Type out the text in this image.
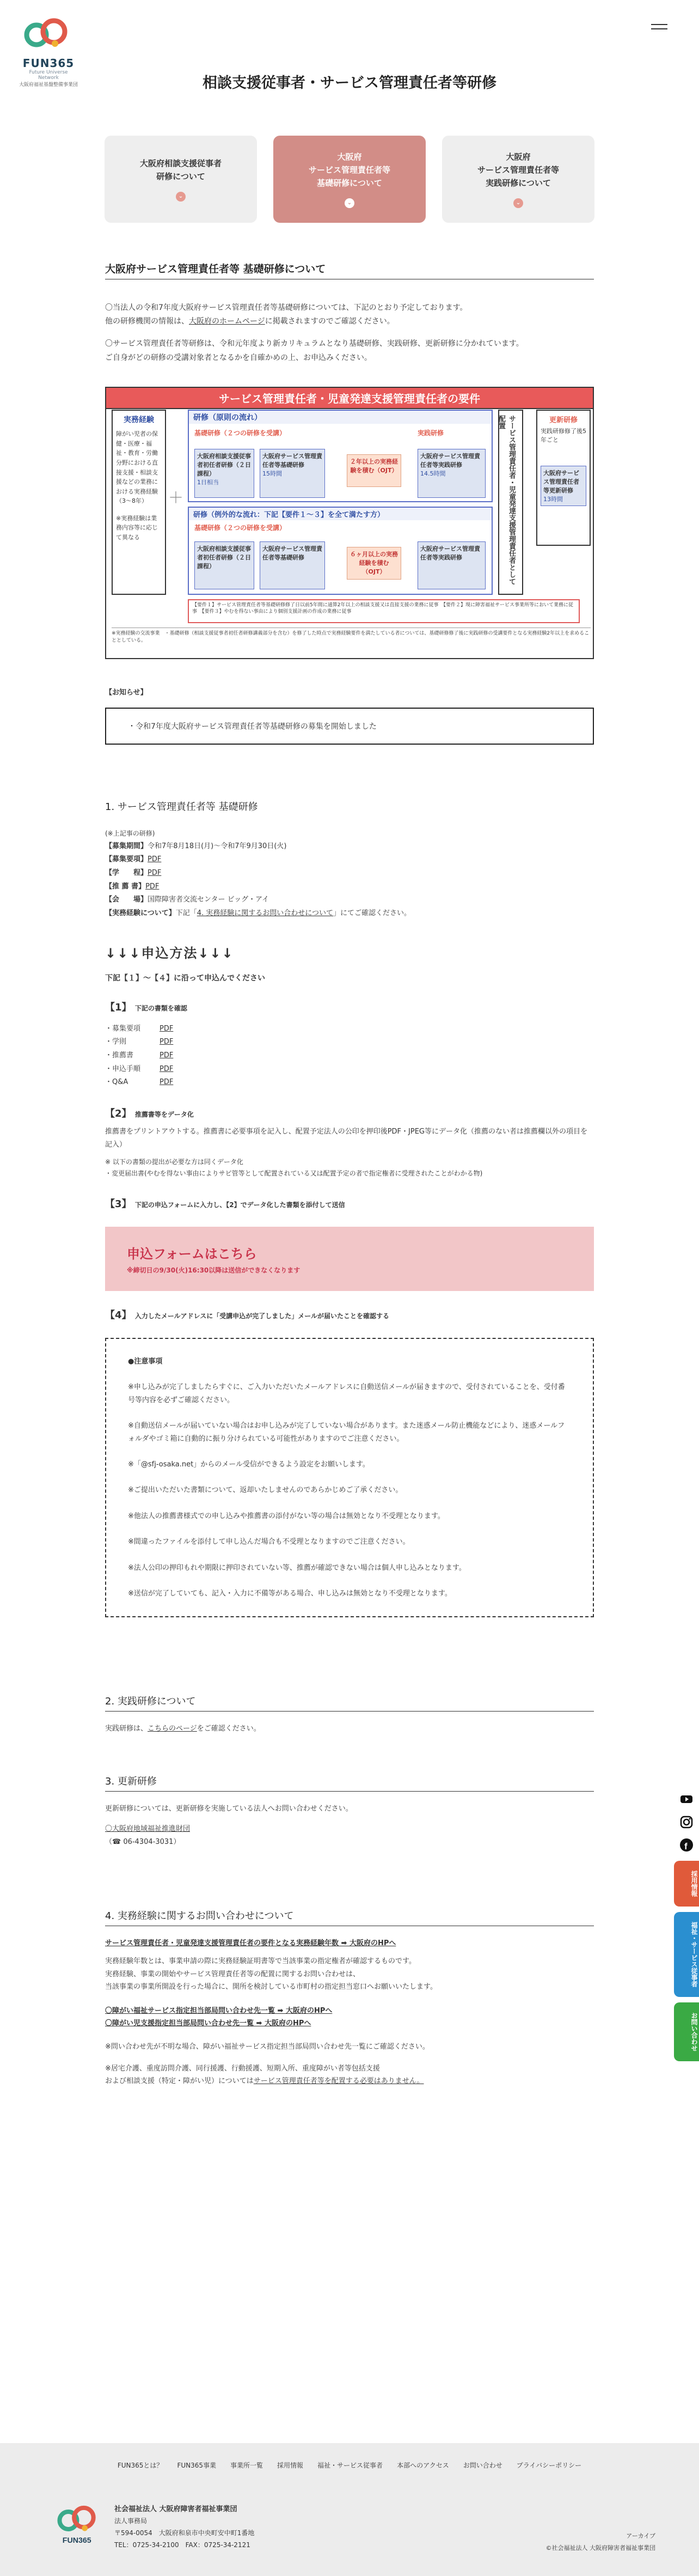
FUN365
Future Universe Network
大阪府福祉基盤整備事業団	相談支援従事者・サービス管理責任者等研修
大阪府相談支援従事者
研修について
⌄
大阪府
サービス管理責任者等
基礎研修について
⌄
大阪府
サービス管理責任者等
実践研修について
⌄
大阪府サービス管理責任者等 基礎研修について

〇当法人の令和7年度大阪府サービス管理責任者等基礎研修については、下記のとおり予定しております。

他の研修機関の情報は、大阪府のホームページに掲載されますのでご確認ください。

〇サービス管理責任者等研修は、令和元年度より新カリキュラムとなり基礎研修、実践研修、更新研修に分かれています。

ご自身がどの研修の受講対象者となるかを自確かめの上、お申込みください。

サービス管理責任者・児童発達支援管理責任者の要件
実務経験
障がい児者の保健・医療・福祉・教育・労働分野における直接支援・相談支援などの業務における実務経験（3～8年）
※実務経験は業務内容等に応じて異なる
＋
研修（原則の流れ）
基礎研修（２つの研修を受講）
大阪府相談支援従事者初任者研修（２日課程）
1日相当
大阪府サービス管理責任者等基礎研修
15時間
２年以上の実務経験を積む（OJT）
実践研修
大阪府サービス管理責任者等実践研修
14.5時間
研修（例外的な流れ：下記【要件１～３】を全て満たす方）
基礎研修（２つの研修を受講）
大阪府相談支援従事者初任者研修（２日課程）
大阪府サービス管理責任者等基礎研修	６ヶ月以上の実務経験を積む（OJT）
大阪府サービス管理責任者等実践研修	サービス管理責任者・児童発達支援管理責任者として配置	更新研修
実践研修修了後5年ごと
大阪府サービス管理責任者等更新研修
13時間
【要件１】サービス管理責任者等基礎研修修了日以前5年間に通算2年以上の相談支援又は直接支援の業務に従事　【要件２】現に障害福祉サービス事業所等において業務に従事　【要件３】やむを得ない事由により個別支援計画の作成の業務に従事
※実務経験の交流事業　・基礎研修（相談支援従事者初任者研修講義部分を含む）を修了した時点で実務経験要件を満たしている者については、基礎研修修了後に実践研修の受講要件となる実務経験2年以上を求めることとしている。
【お知らせ】
・令和7年度大阪府サービス管理責任者等基礎研修の募集を開始しました
1. サービス管理責任者等 基礎研修
(※上記事の研修)
【募集期間】令和7年8月18日(月)～令和7年9月30日(火)
【募集要項】PDF
【学　　程】PDF
【推 薦 書】PDF
【会　　場】国際障害者交流センター ビッグ・アイ
【実務経験について】下記「4. 実務経験に関するお問い合わせについて」にてご確認ください。
↓↓↓申込方法↓↓↓
下記【１】～【４】に沿って申込んでください
【1】 下記の書類を確認
・募集要項	PDF
・学則	PDF
・推薦書	PDF
・申込手順	PDF
・Q&A	PDF
【2】 推薦書等をデータ化

推薦書をプリントアウトする。推薦書に必要事項を記入し、配置予定法人の公印を押印後PDF・JPEG等にデータ化（推薦のない者は推薦欄以外の項目を記入）

※ 以下の書類の提出が必要な方は同くデータ化

・変更届出書(やむを得ない事由によりサビ管等として配置されている又は配置予定の者で指定権者に受理されたことがわかる物)

【3】 下記の申込フォームに入力し、【2】でデータ化した書類を添付して送信
申込フォームはこちら
※締切日の9/30(火)16:30以降は送信ができなくなります
【4】 入力したメールアドレスに「受講申込が完了しました」メールが届いたことを確認する

●注意事項

※申し込みが完了しましたらすぐに、ご入力いただいたメールアドレスに自動送信メールが届きますので、受付されていることを、受付番号等内容を必ずご確認ください。

※自動送信メールが届いていない場合はお申し込みが完了していない場合があります。また迷惑メール防止機能などにより、迷惑メールフォルダやゴミ箱に自動的に振り分けられている可能性がありますのでご注意ください。

※「@sfj-osaka.net」からのメール受信ができるよう設定をお願いします。

※ご提出いただいた書類について、返却いたしませんのであらかじめご了承ください。

※他法人の推薦書様式での申し込みや推薦書の添付がない等の場合は無効となり不受理となります。

※間違ったファイルを添付して申し込んだ場合も不受理となりますのでご注意ください。

※法人公印の押印もれや期限に押印されていない等、推薦が確認できない場合は個人申し込みとなります。

※送信が完了していても、記入・入力に不備等がある場合、申し込みは無効となり不受理となります。

2. 実践研修について

実践研修は、こちらのページをご確認ください。

3. 更新研修

更新研修については、更新研修を実施している法人へお問い合わせください。

〇大阪府地域福祉推進財団

（☎ 06-4304-3031）

4. 実務経験に関するお問い合わせについて

サービス管理責任者・児童発達支援管理責任者の要件となる実務経験年数 ➡ 大阪府のHPへ

実務経験年数とは、事業申請の際に実務経験証明書等で当該事業の指定権者が確認するものです。

実務経験、事業の開始やサービス管理責任者等の配置に関するお問い合わせは、

当該事業の事業所開設を行った場合に、開所を検討している市町村の指定担当窓口へお願いいたします。

〇障がい福祉サービス指定担当部局問い合わせ先一覧 ➡ 大阪府のHPへ

〇障がい児支援指定担当部局問い合わせ先一覧 ➡ 大阪府のHPへ

※問い合わせ先が不明な場合、障がい福祉サービス指定担当部局問い合わせ先一覧にご確認ください。

※居宅介護、重度訪問介護、同行援護、行動援護、短期入所、重度障がい者等包括支援

および相談支援（特定・障がい児）についてはサービス管理責任者等を配置する必要はありません。

f
採用情報
福祉・サービス従事者
お問い合わせ
FUN365とは？ FUN365事業 事業所一覧 採用情報 福祉・サービス従事者 本部へのアクセス お問い合わせ プライバシーポリシー
FUN365
社会福祉法人 大阪府障害者福祉事業団
法人事務局
〒594-0054　大阪府和泉市中央町安中町1番地
TEL：0725-34-2100　FAX：0725-34-2121
アーカイブ
©社会福祉法人 大阪府障害者福祉事業団
